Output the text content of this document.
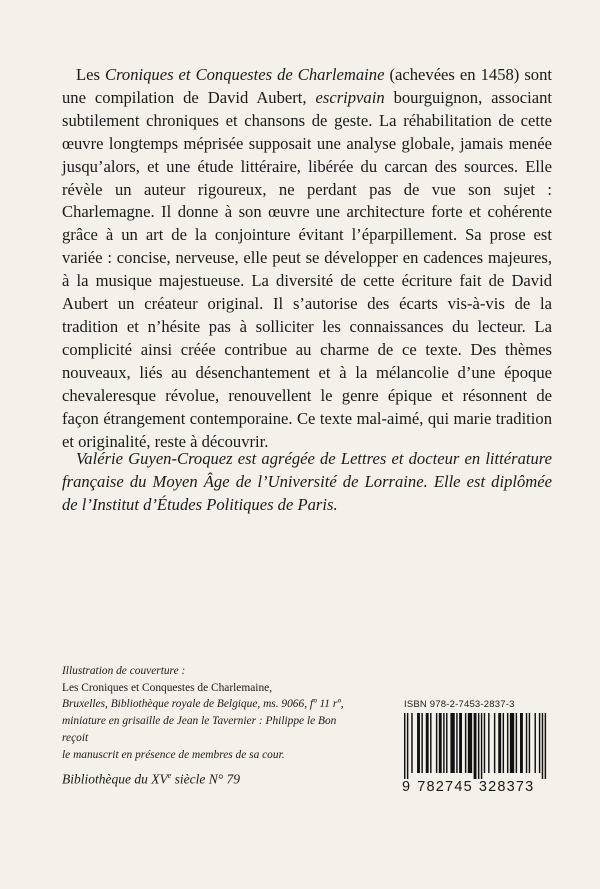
Les Croniques et Conquestes de Charlemaine (achevées en 1458) sont une compilation de David Aubert, escripvain bourguignon, associant subtilement chroniques et chansons de geste. La réhabilitation de cette œuvre longtemps méprisée supposait une analyse globale, jamais menée jusqu’alors, et une étude littéraire, libérée du carcan des sources. Elle révèle un auteur rigoureux, ne perdant pas de vue son sujet : Charlemagne. Il donne à son œuvre une architecture forte et cohérente grâce à un art de la conjointure évitant l’éparpillement. Sa prose est variée : concise, nerveuse, elle peut se développer en cadences majeures, à la musique majestueuse. La diversité de cette écriture fait de David Aubert un créateur original. Il s’autorise des écarts vis-à-vis de la tradition et n’hésite pas à solliciter les connaissances du lecteur. La complicité ainsi créée contribue au charme de ce texte. Des thèmes nouveaux, liés au désenchantement et à la mélancolie d’une époque chevaleresque révolue, renouvellent le genre épique et résonnent de façon étrangement contemporaine. Ce texte mal-aimé, qui marie tradition et originalité, reste à découvrir.

Valérie Guyen-Croquez est agrégée de Lettres et docteur en littérature française du Moyen Âge de l’Université de Lorraine. Elle est diplômée de l’Institut d’Études Politiques de Paris.

Illustration de couverture :
Les Croniques et Conquestes de Charlemaine,
Bruxelles, Bibliothèque royale de Belgique, ms. 9066, fº 11 rº,
miniature en grisaille de Jean le Tavernier : Philippe le Bon reçoit
le manuscrit en présence de membres de sa cour.

Bibliothèque du XVe siècle N° 79

ISBN 978-2-7453-2837-3
9 782745 328373
